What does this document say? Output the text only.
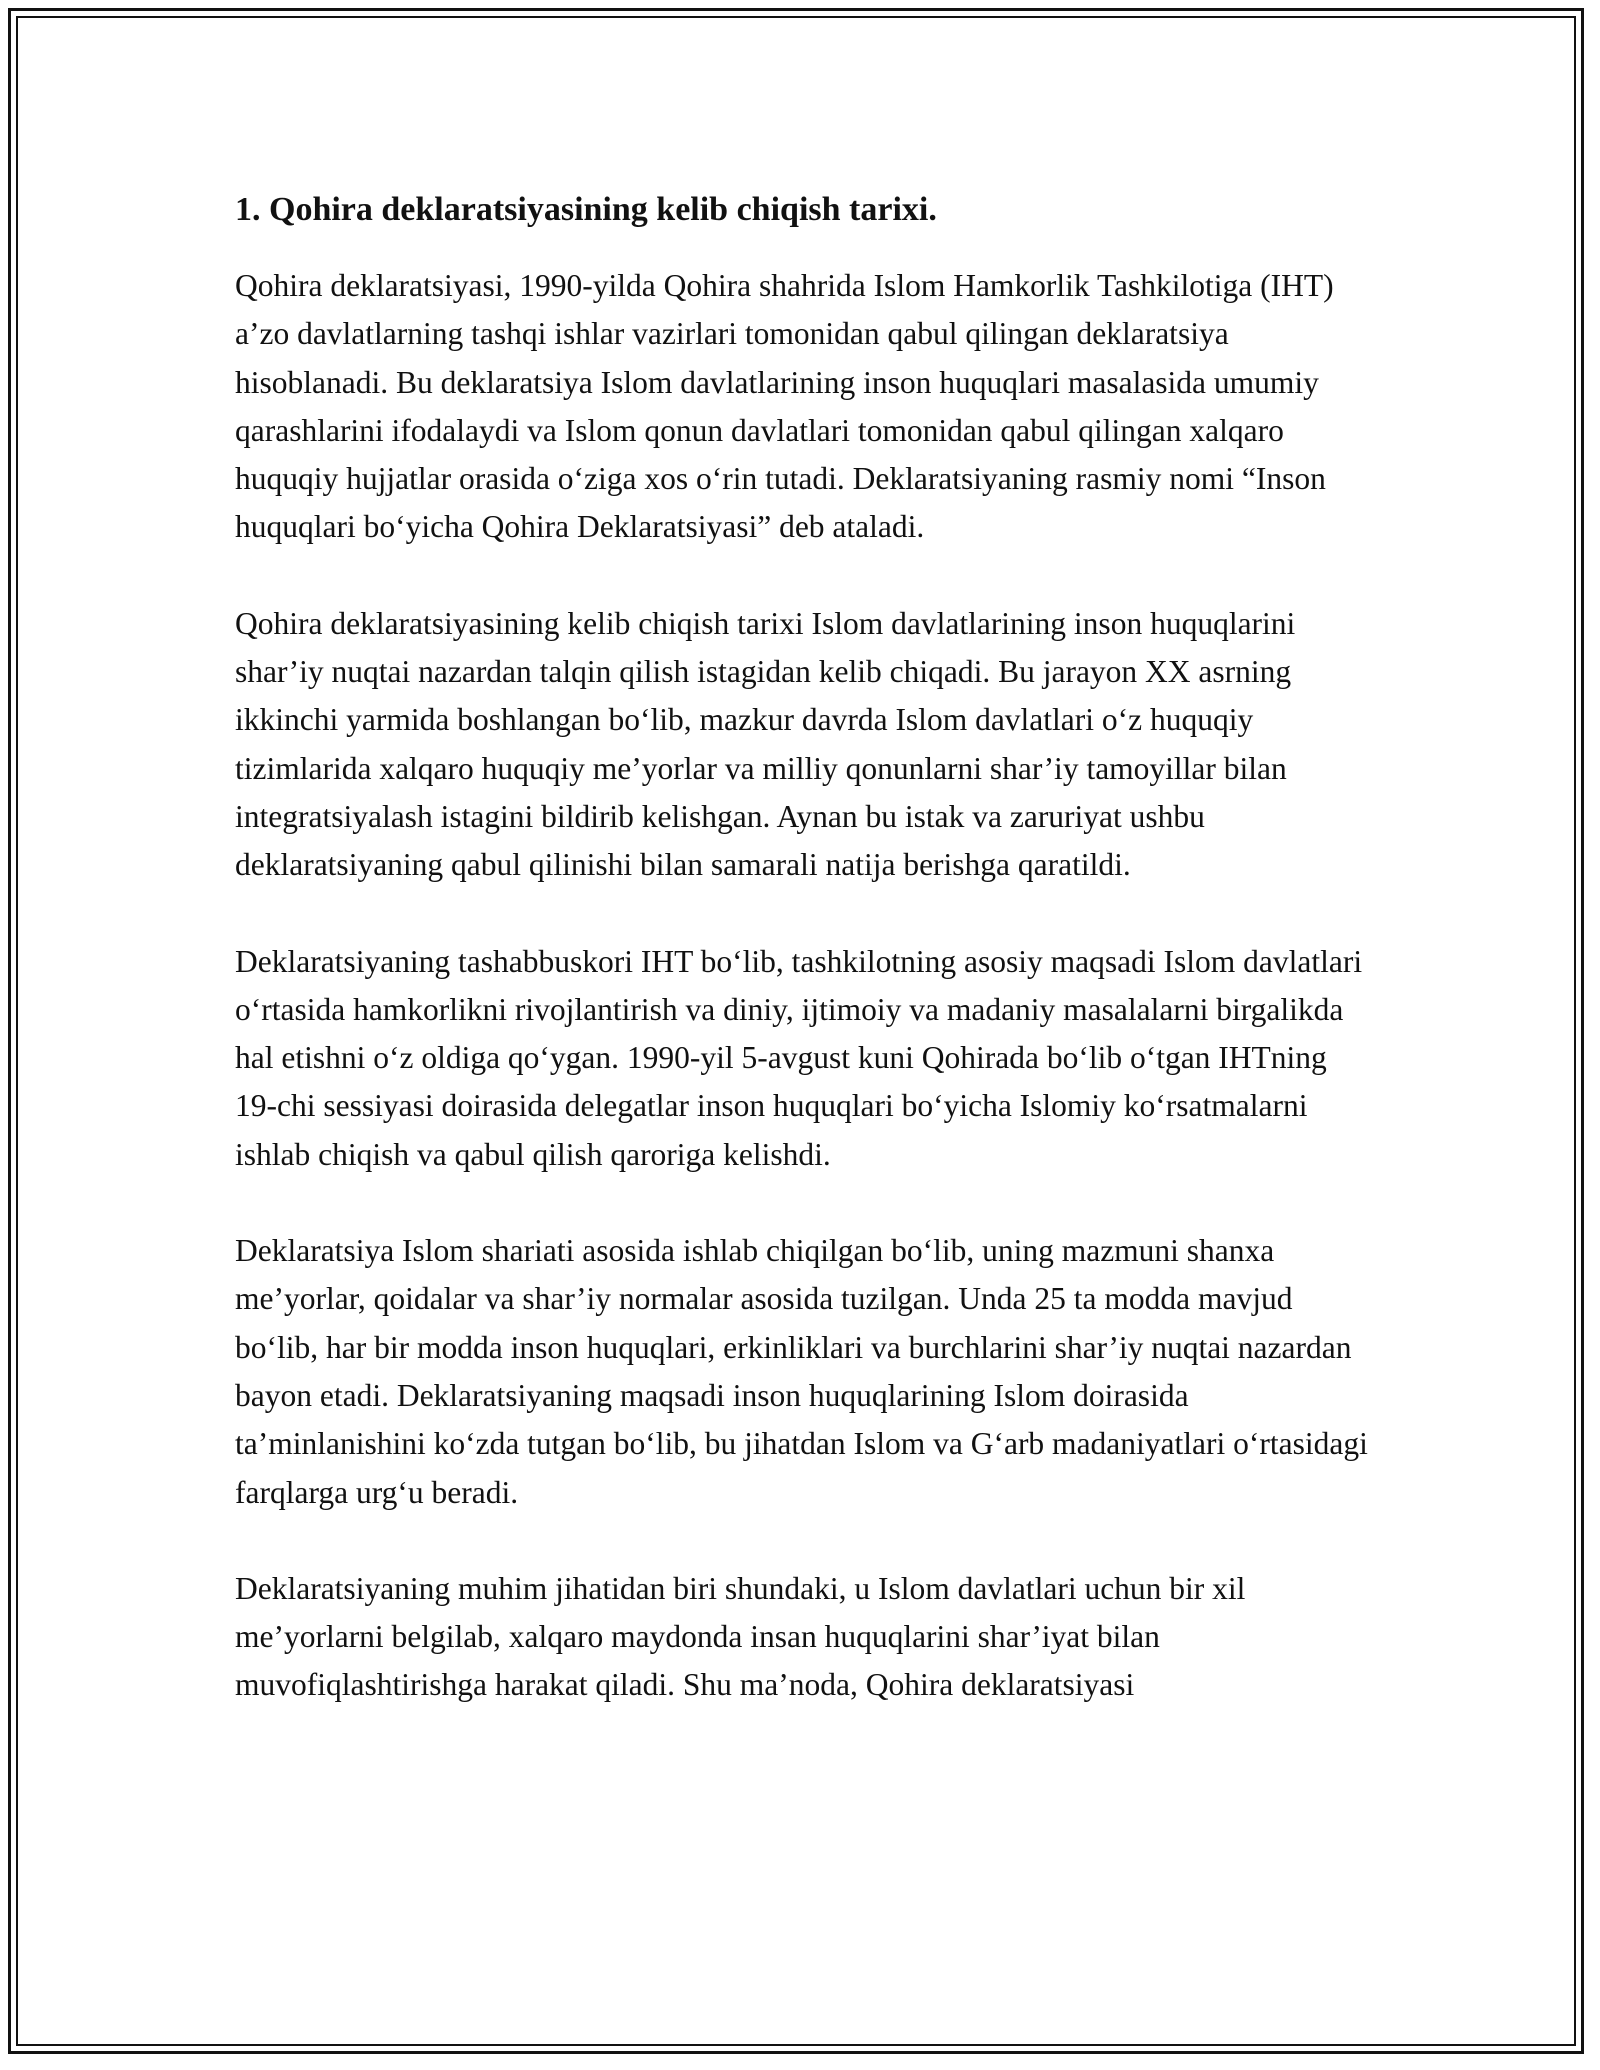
1. Qohira deklaratsiyasining kelib chiqish tarixi.

Qohira deklaratsiyasi, 1990-yilda Qohira shahrida Islom Hamkorlik Tashkilotiga (IHT) a’zo davlatlarning tashqi ishlar vazirlari tomonidan qabul qilingan deklaratsiya hisoblanadi. Bu deklaratsiya Islom davlatlarining inson huquqlari masalasida umumiy qarashlarini ifodalaydi va Islom qonun davlatlari tomonidan qabul qilingan xalqaro huquqiy hujjatlar orasida o‘ziga xos o‘rin tutadi. Deklaratsiyaning rasmiy nomi “Inson huquqlari bo‘yicha Qohira Deklaratsiyasi” deb ataladi.

Qohira deklaratsiyasining kelib chiqish tarixi Islom davlatlarining inson huquqlarini shar’iy nuqtai nazardan talqin qilish istagidan kelib chiqadi. Bu jarayon XX asrning ikkinchi yarmida boshlangan bo‘lib, mazkur davrda Islom davlatlari o‘z huquqiy tizimlarida xalqaro huquqiy me’yorlar va milliy qonunlarni shar’iy tamoyillar bilan integratsiyalash istagini bildirib kelishgan. Aynan bu istak va zaruriyat ushbu deklaratsiyaning qabul qilinishi bilan samarali natija berishga qaratildi.

Deklaratsiyaning tashabbuskori IHT bo‘lib, tashkilotning asosiy maqsadi Islom davlatlari o‘rtasida hamkorlikni rivojlantirish va diniy, ijtimoiy va madaniy masalalarni birgalikda hal etishni o‘z oldiga qo‘ygan. 1990-yil 5-avgust kuni Qohirada bo‘lib o‘tgan IHTning 19-chi sessiyasi doirasida delegatlar inson huquqlari bo‘yicha Islomiy ko‘rsatmalarni ishlab chiqish va qabul qilish qaroriga kelishdi.

Deklaratsiya Islom shariati asosida ishlab chiqilgan bo‘lib, uning mazmuni shanxa me’yorlar, qoidalar va shar’iy normalar asosida tuzilgan. Unda 25 ta modda mavjud bo‘lib, har bir modda inson huquqlari, erkinliklari va burchlarini shar’iy nuqtai nazardan bayon etadi. Deklaratsiyaning maqsadi inson huquqlarining Islom doirasida ta’minlanishini ko‘zda tutgan bo‘lib, bu jihatdan Islom va G‘arb madaniyatlari o‘rtasidagi farqlarga urg‘u beradi.

Deklaratsiyaning muhim jihatidan biri shundaki, u Islom davlatlari uchun bir xil me’yorlarni belgilab, xalqaro maydonda insan huquqlarini shar’iyat bilan muvofiqlashtirishga harakat qiladi. Shu ma’noda, Qohira deklaratsiyasi
